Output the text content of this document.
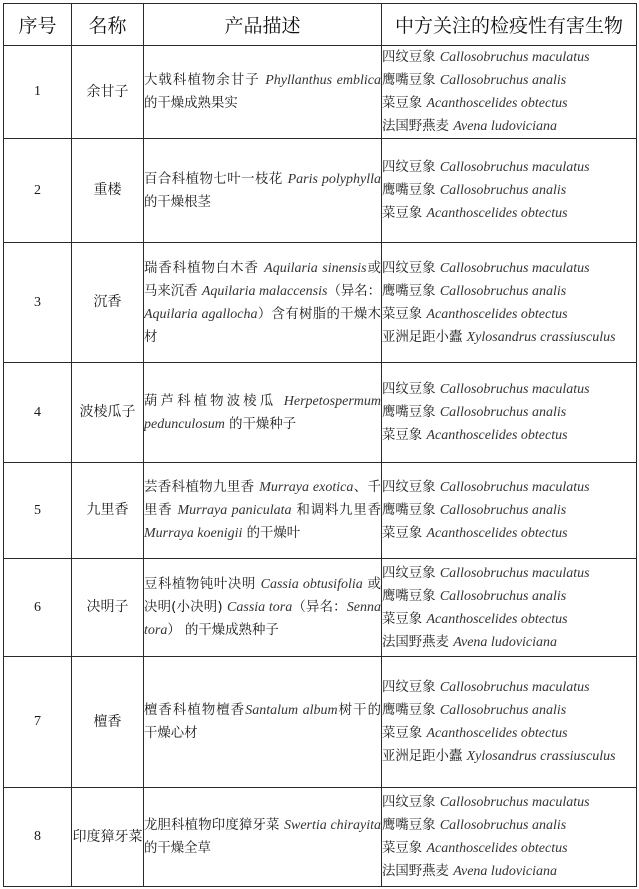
序号	名称	产品描述	中方关注的检疫性有害生物
1	余甘子	大戟科植物余甘子 Phyllanthus emblica 的干燥成熟果实	四纹豆象 Callosobruchus maculatus
鹰嘴豆象 Callosobruchus analis
菜豆象 Acanthoscelides obtectus
法国野燕麦 Avena ludoviciana

2	重楼	百合科植物七叶一枝花 Paris polyphylla 的干燥根茎	四纹豆象 Callosobruchus maculatus
鹰嘴豆象 Callosobruchus analis
菜豆象 Acanthoscelides obtectus

3	沉香	瑞香科植物白木香 Aquilaria sinensis或马来沉香 Aquilaria malaccensis（异名： Aquilaria agallocha）含有树脂的干燥木材	四纹豆象 Callosobruchus maculatus
鹰嘴豆象 Callosobruchus analis
菜豆象 Acanthoscelides obtectus
亚洲足距小蠹 Xylosandrus crassiusculus

4	波棱瓜子	葫芦科植物波棱瓜 Herpetospermum pedunculosum 的干燥种子	四纹豆象 Callosobruchus maculatus
鹰嘴豆象 Callosobruchus analis
菜豆象 Acanthoscelides obtectus

5	九里香	芸香科植物九里香 Murraya exotica、千里香 Murraya paniculata 和调料九里香 Murraya koenigii 的干燥叶	四纹豆象 Callosobruchus maculatus
鹰嘴豆象 Callosobruchus analis
菜豆象 Acanthoscelides obtectus

6	决明子	豆科植物钝叶决明 Cassia obtusifolia 或决明(小决明) Cassia tora（异名：Senna tora） 的干燥成熟种子	四纹豆象 Callosobruchus maculatus
鹰嘴豆象 Callosobruchus analis
菜豆象 Acanthoscelides obtectus
法国野燕麦 Avena ludoviciana

7	檀香	檀香科植物檀香Santalum album树干的干燥心材	四纹豆象 Callosobruchus maculatus
鹰嘴豆象 Callosobruchus analis
菜豆象 Acanthoscelides obtectus
亚洲足距小蠹 Xylosandrus crassiusculus

8	印度獐牙菜	龙胆科植物印度獐牙菜 Swertia chirayita 的干燥全草	四纹豆象 Callosobruchus maculatus
鹰嘴豆象 Callosobruchus analis
菜豆象 Acanthoscelides obtectus
法国野燕麦 Avena ludoviciana
